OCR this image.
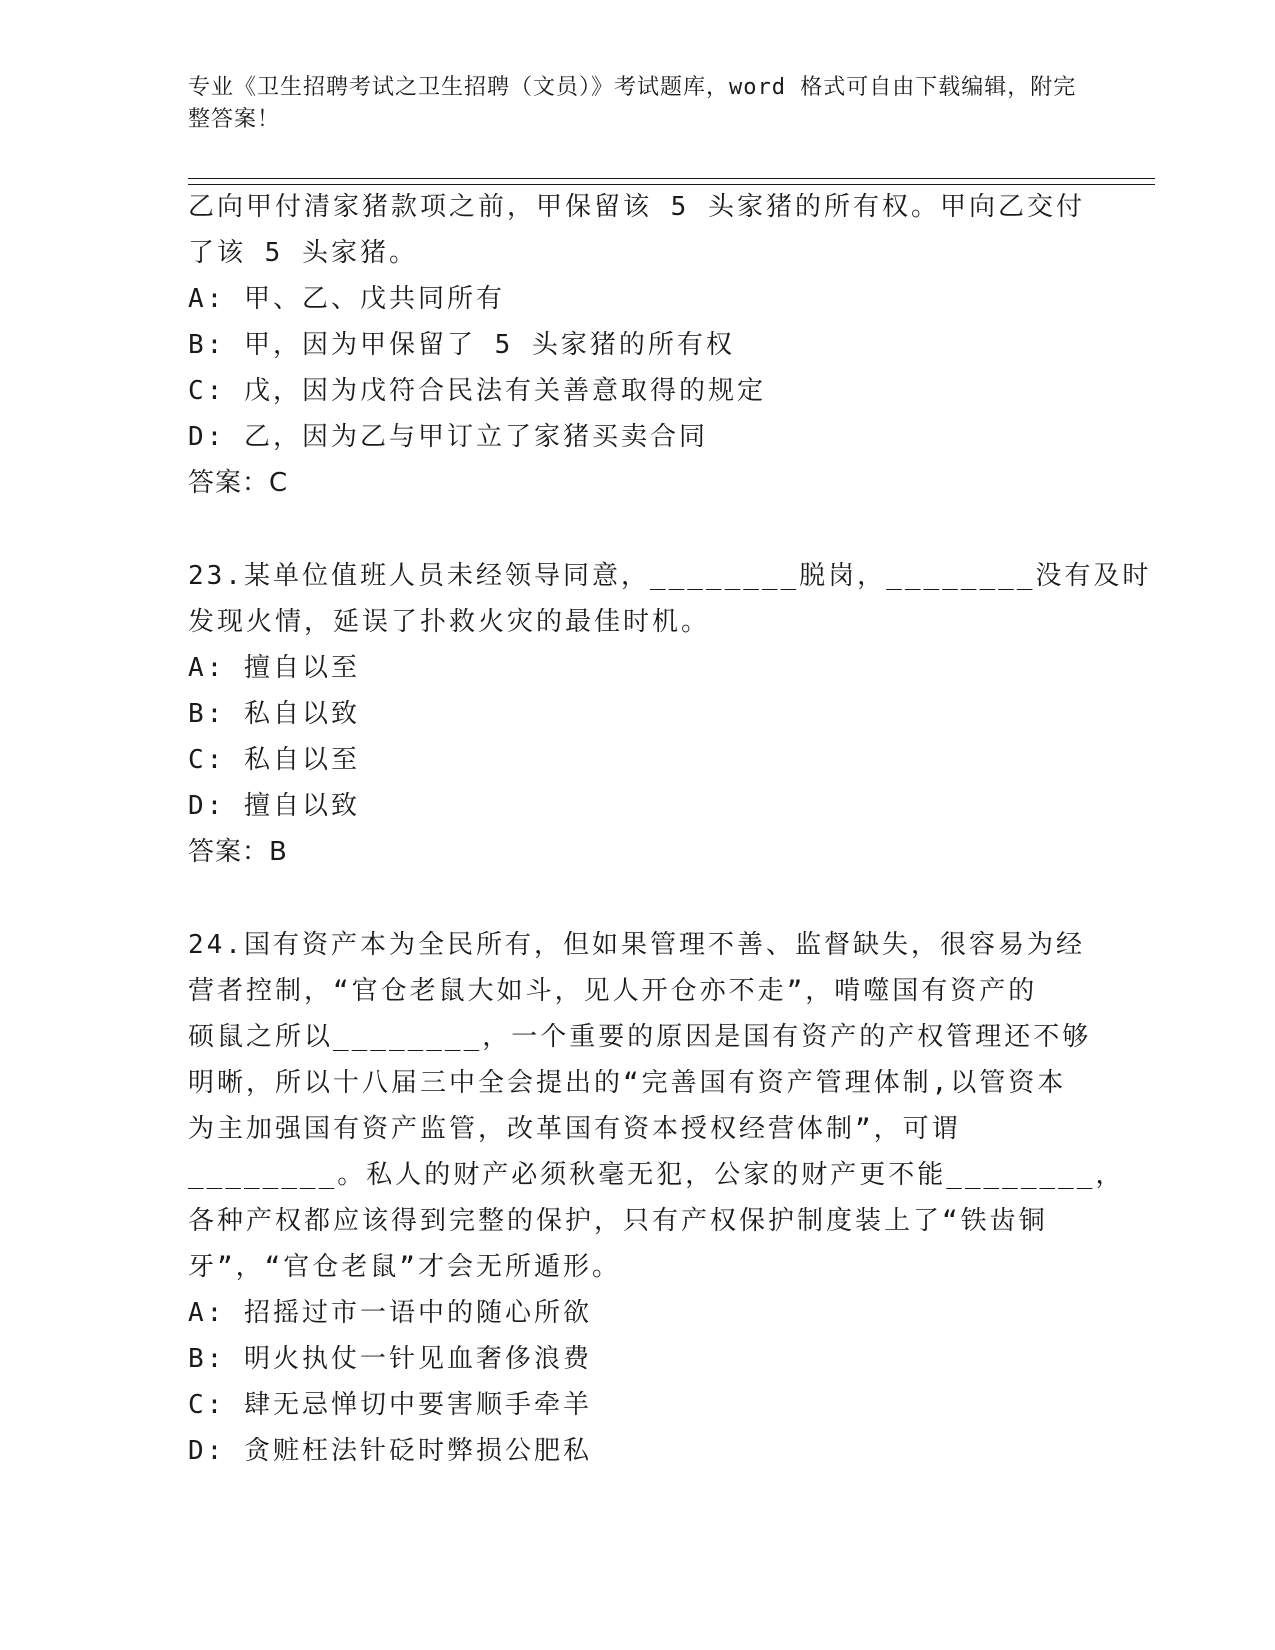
专业《卫生招聘考试之卫生招聘（文员）》考试题库，word 格式可自由下载编辑，附完整答案！
乙向甲付清家猪款项之前，甲保留该 5 头家猪的所有权。甲向乙交付
了该 5 头家猪。
A: 甲、乙、戊共同所有
B: 甲，因为甲保留了 5 头家猪的所有权
C: 戊，因为戊符合民法有关善意取得的规定
D: 乙，因为乙与甲订立了家猪买卖合同
答案：C
23.某单位值班人员未经领导同意，________脱岗，________没有及时
发现火情，延误了扑救火灾的最佳时机。
A: 擅自以至
B: 私自以致
C: 私自以至
D: 擅自以致
答案：B
24.国有资产本为全民所有，但如果管理不善、监督缺失，很容易为经
营者控制，“官仓老鼠大如斗，见人开仓亦不走”，啃噬国有资产的
硕鼠之所以________，一个重要的原因是国有资产的产权管理还不够
明晰，所以十八届三中全会提出的“完善国有资产管理体制,以管资本
为主加强国有资产监管，改革国有资本授权经营体制”，可谓
________。私人的财产必须秋毫无犯，公家的财产更不能________，
各种产权都应该得到完整的保护，只有产权保护制度装上了“铁齿铜
牙”，“官仓老鼠”才会无所遁形。
A: 招摇过市一语中的随心所欲
B: 明火执仗一针见血奢侈浪费
C: 肆无忌惮切中要害顺手牵羊
D: 贪赃枉法针砭时弊损公肥私
